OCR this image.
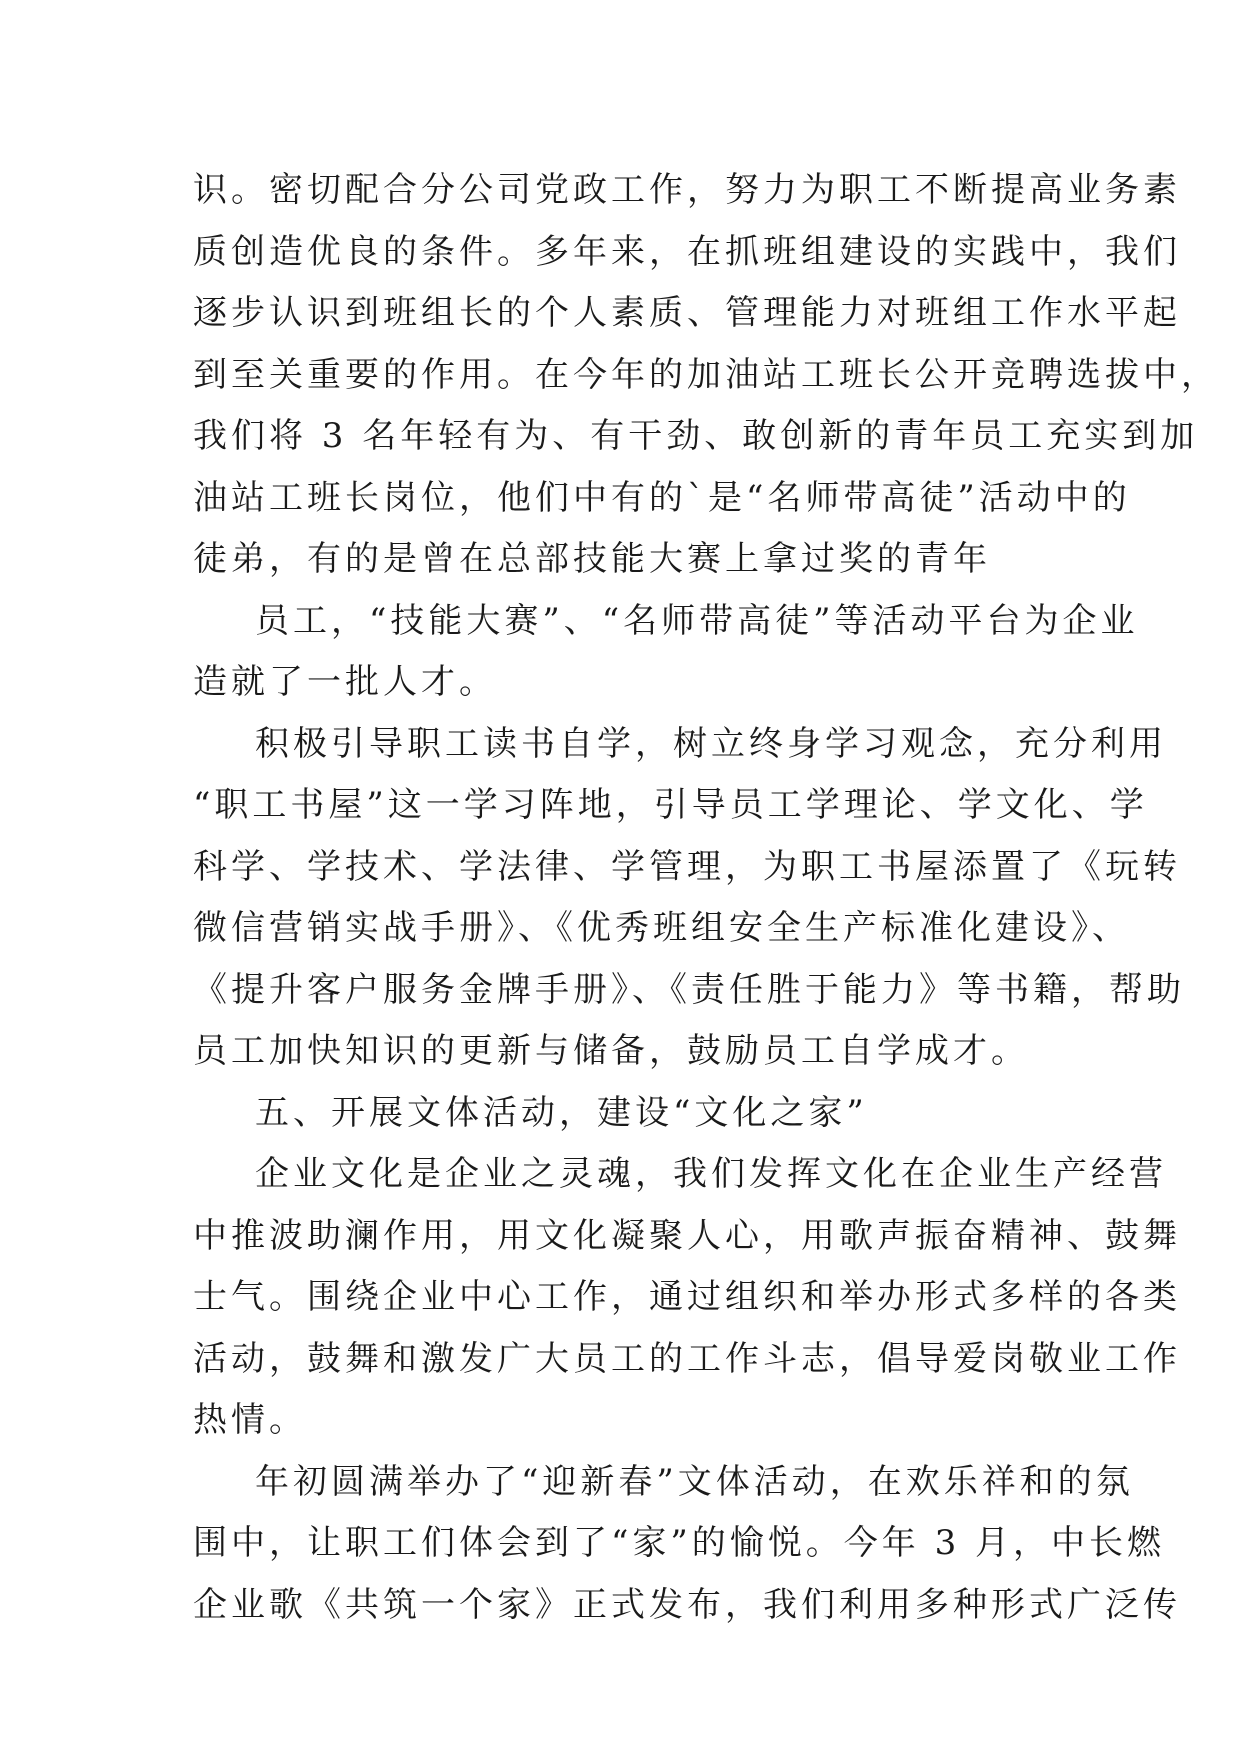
识。密切配合分公司党政工作，努力为职工不断提高业务素
质创造优良的条件。多年来，在抓班组建设的实践中，我们
逐步认识到班组长的个人素质、管理能力对班组工作水平起
到至关重要的作用。在今年的加油站工班长公开竞聘选拔中，
我们将 3 名年轻有为、有干劲、敢创新的青年员工充实到加
油站工班长岗位，他们中有的`是“名师带高徒”活动中的
徒弟，有的是曾在总部技能大赛上拿过奖的青年
员工，“技能大赛”、“名师带高徒”等活动平台为企业
造就了一批人才。
积极引导职工读书自学，树立终身学习观念，充分利用
“职工书屋”这一学习阵地，引导员工学理论、学文化、学
科学、学技术、学法律、学管理，为职工书屋添置了《玩转
微信营销实战手册》、《优秀班组安全生产标准化建设》、
《提升客户服务金牌手册》、《责任胜于能力》等书籍，帮助
员工加快知识的更新与储备，鼓励员工自学成才。
五、开展文体活动，建设“文化之家”
企业文化是企业之灵魂，我们发挥文化在企业生产经营
中推波助澜作用，用文化凝聚人心，用歌声振奋精神、鼓舞
士气。围绕企业中心工作，通过组织和举办形式多样的各类
活动，鼓舞和激发广大员工的工作斗志，倡导爱岗敬业工作
热情。
年初圆满举办了“迎新春”文体活动，在欢乐祥和的氛
围中，让职工们体会到了“家”的愉悦。今年 3 月，中长燃
企业歌《共筑一个家》正式发布，我们利用多种形式广泛传
